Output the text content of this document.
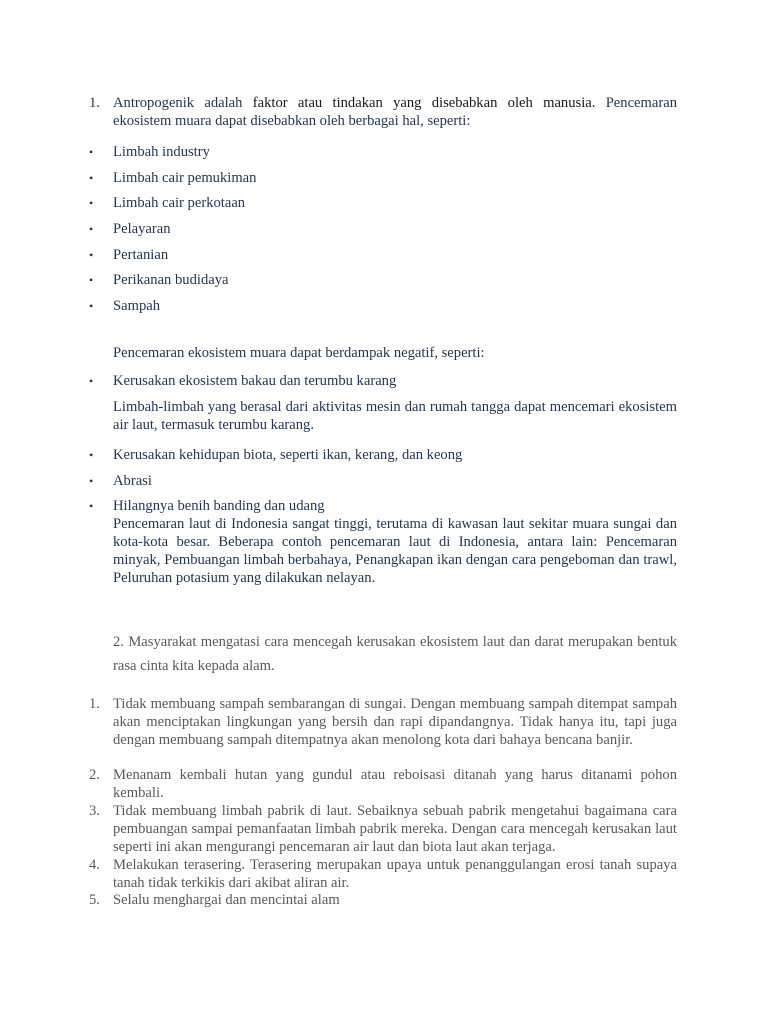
1. Antropogenik adalah faktor atau tindakan yang disebabkan oleh manusia. Pencemaran ekosistem muara dapat disebabkan oleh berbagai hal, seperti:
• Limbah industry
• Limbah cair pemukiman
• Limbah cair perkotaan
• Pelayaran
• Pertanian
• Perikanan budidaya
• Sampah
Pencemaran ekosistem muara dapat berdampak negatif, seperti:
• Kerusakan ekosistem bakau dan terumbu karang
Limbah-limbah yang berasal dari aktivitas mesin dan rumah tangga dapat mencemari ekosistem air laut, termasuk terumbu karang.
• Kerusakan kehidupan biota, seperti ikan, kerang, dan keong
• Abrasi
• Hilangnya benih banding dan udang
Pencemaran laut di Indonesia sangat tinggi, terutama di kawasan laut sekitar muara sungai dan kota-kota besar. Beberapa contoh pencemaran laut di Indonesia, antara lain: Pencemaran minyak, Pembuangan limbah berbahaya, Penangkapan ikan dengan cara pengeboman dan trawl, Peluruhan potasium yang dilakukan nelayan.
2. Masyarakat mengatasi cara mencegah kerusakan ekosistem laut dan darat merupakan bentuk rasa cinta kita kepada alam.
1. Tidak membuang sampah sembarangan di sungai. Dengan membuang sampah ditempat sampah akan menciptakan lingkungan yang bersih dan rapi dipandangnya. Tidak hanya itu, tapi juga dengan membuang sampah ditempatnya akan menolong kota dari bahaya bencana banjir.
2. Menanam kembali hutan yang gundul atau reboisasi ditanah yang harus ditanami pohon kembali.
3. Tidak membuang limbah pabrik di laut. Sebaiknya sebuah pabrik mengetahui bagaimana cara pembuangan sampai pemanfaatan limbah pabrik mereka. Dengan cara mencegah kerusakan laut seperti ini akan mengurangi pencemaran air laut dan biota laut akan terjaga.
4. Melakukan terasering. Terasering merupakan upaya untuk penanggulangan erosi tanah supaya tanah tidak terkikis dari akibat aliran air.
5. Selalu menghargai dan mencintai alam
